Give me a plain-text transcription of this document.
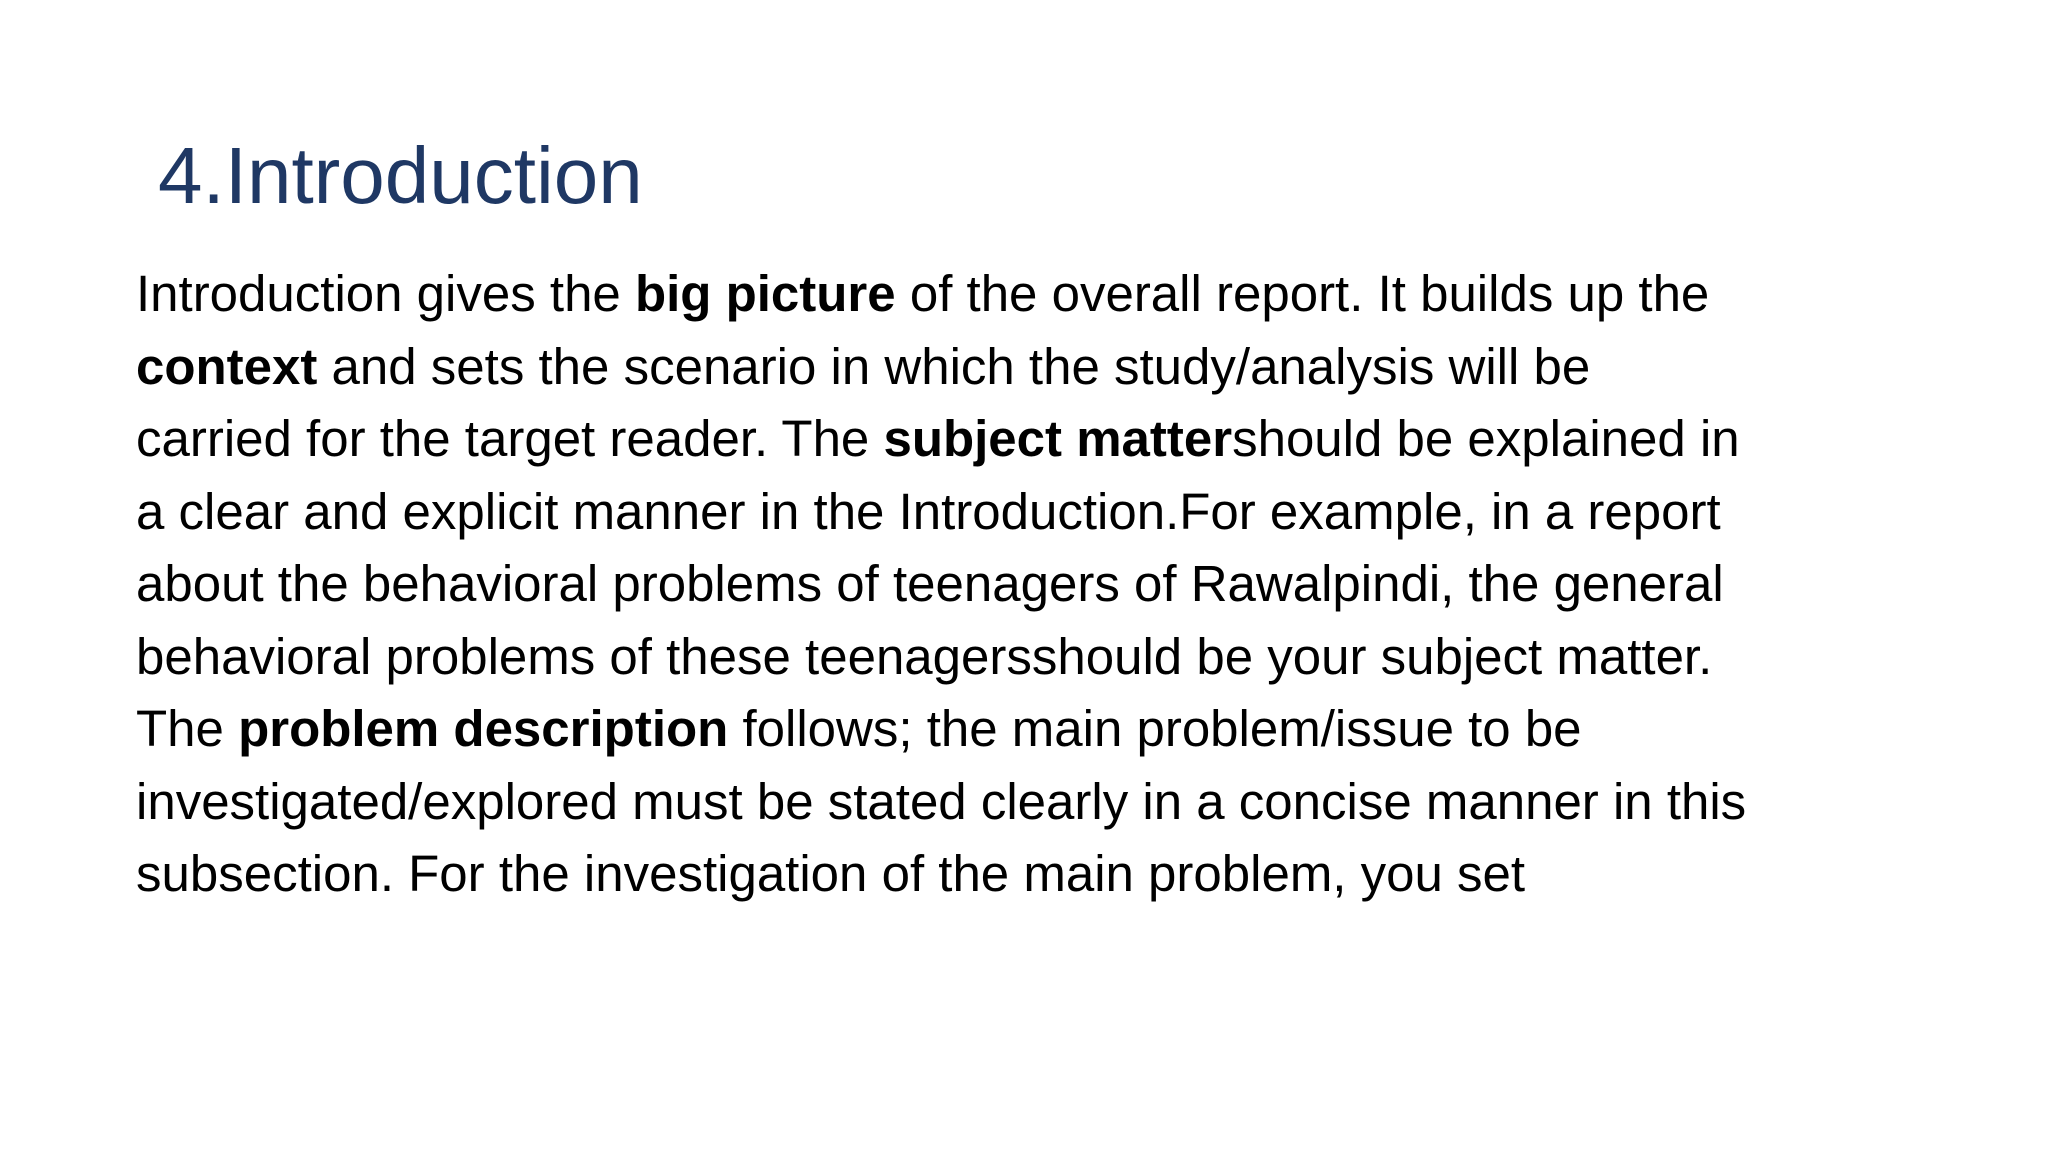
4.Introduction
Introduction gives the big picture of the overall report. It builds up the
context and sets the scenario in which the study/analysis will be
carried for the target reader. The subject mattershould be explained in
a clear and explicit manner in the Introduction.For example, in a report
about the behavioral problems of teenagers of Rawalpindi, the general
behavioral problems of these teenagersshould be your subject matter.
The problem description follows; the main problem/issue to be
investigated/explored must be stated clearly in a concise manner in this
subsection. For the investigation of the main problem, you set
